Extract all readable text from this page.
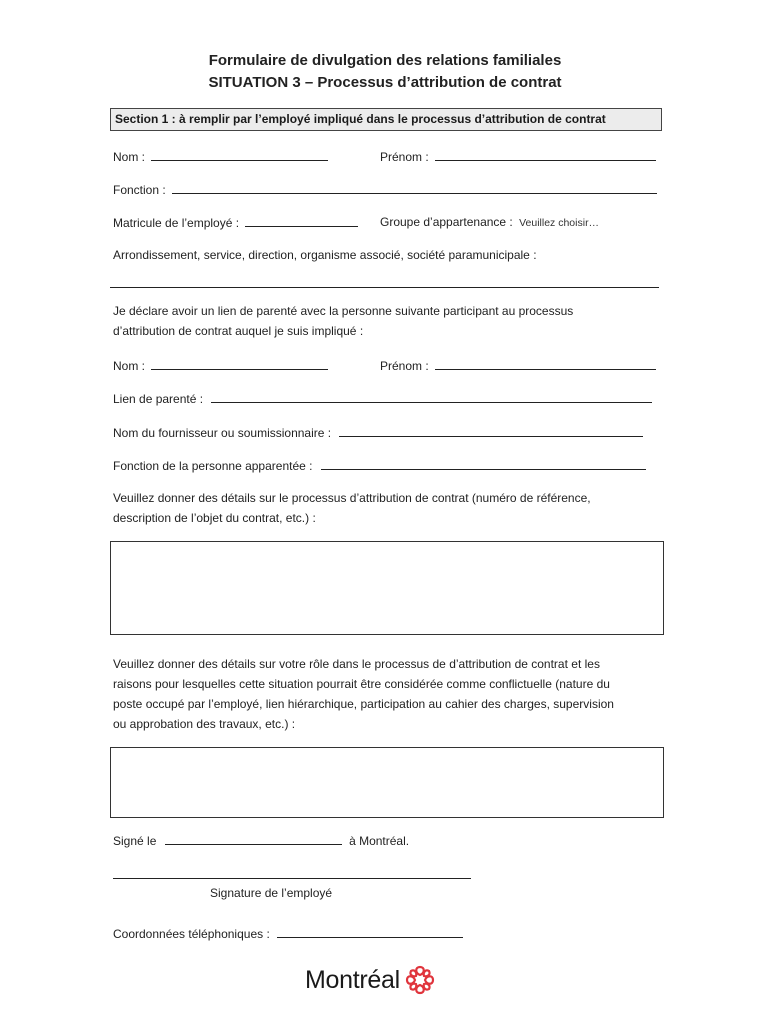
Formulaire de divulgation des relations familiales
SITUATION 3 – Processus d’attribution de contrat
Section 1 : à remplir par l’employé impliqué dans le processus d’attribution de contrat
Nom :	Prénom :
Fonction :
Matricule de l’employé :	Groupe d’appartenance : Veuillez choisir…
Arrondissement, service, direction, organisme associé, société paramunicipale :
Je déclare avoir un lien de parenté avec la personne suivante participant au processus
d’attribution de contrat auquel je suis impliqué :
Nom :	Prénom :
Lien de parenté :
Nom du fournisseur ou soumissionnaire :
Fonction de la personne apparentée :
Veuillez donner des détails sur le processus d’attribution de contrat (numéro de référence,
description de l’objet du contrat, etc.) :
Veuillez donner des détails sur votre rôle dans le processus de d’attribution de contrat et les
raisons pour lesquelles cette situation pourrait être considérée comme conflictuelle (nature du
poste occupé par l’employé, lien hiérarchique, participation au cahier des charges, supervision
ou approbation des travaux, etc.) :
Signé le	à Montréal.
Signature de l’employé
Coordonnées téléphoniques :
Montréal
